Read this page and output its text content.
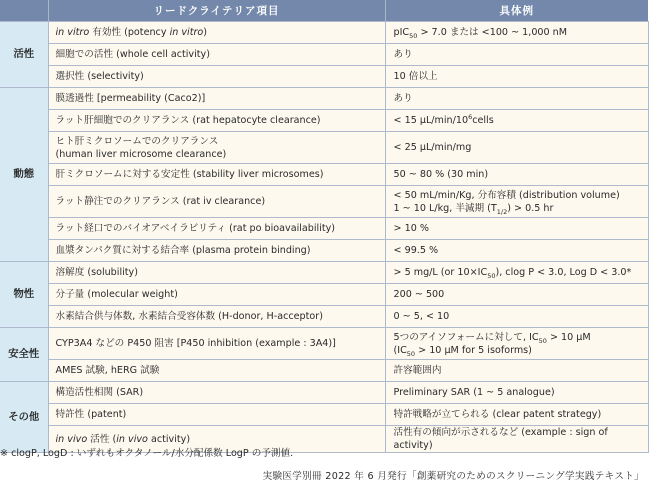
	リードクライテリア項目	具体例
活性	in vitro 有効性 (potency in vitro)	pIC$_{50}$ > 7.0 または <100 ~ 1,000 nM
	細胞での活性 (whole cell activity)	あり
	選択性 (selectivity)	10 倍以上
動態	膜透過性 [permeability (Caco2)]	あり
	ラット肝細胞でのクリアランス (rat hepatocyte clearance)	< 15 $\mu L/\min/10^6cells$

	ヒト肝ミクロソームでのクリアランス
(human liver microsome clearance)	< 25 μL/min/mg
	肝ミクロソームに対する安定性 (stability liver microsomes)	50 ~ 80 % (30 min)
	ラット静注でのクリアランス (rat iv clearance)	< 50 mL/min/Kg, 分布容積 (distribution volume)
1 ~ 10 L/kg, 半減期 $(T_{1/2}) > 0.5$ hr

	ラット経口でのバイオアベイラビリティ (rat po bioavailability)	> 10 %
	血漿タンパク質に対する結合率 (plasma protein binding)	< 99.5 %
物性	溶解度 (solubility)	> 5 mg/L (or $10\times IC_{50}$), clog P < 3.0, Log D < 3.0*
	分子量 (molecular weight)	200 ~ 500
	水素結合供与体数, 水素結合受容体数 (H-donor, H-acceptor)	0 ~ 5, < 10
安全性	CYP3A4 などの P450 阻害 [P450 inhibition (example : 3A4)]	5つのアイソフォームに対して, $IC_{50} > 10$ μM
($IC_{50} > 10$ μM for 5 isoforms)

	AMES 試験, hERG 試験	許容範囲内
その他	構造活性相関 (SAR)	Preliminary SAR (1 ~ 5 analogue)
	特許性 (patent)	特許戦略が立てられる (clear patent strategy)
	in vivo 活性 (in vivo activity)	活性有の傾向が示されるなど (example : sign of activity)
※ clogP, LogD : いずれもオクタノール/水分配係数 LogP の予測値.
実験医学別冊 2022 年 6 月発行「創薬研究のためのスクリーニング学実践テキスト」
